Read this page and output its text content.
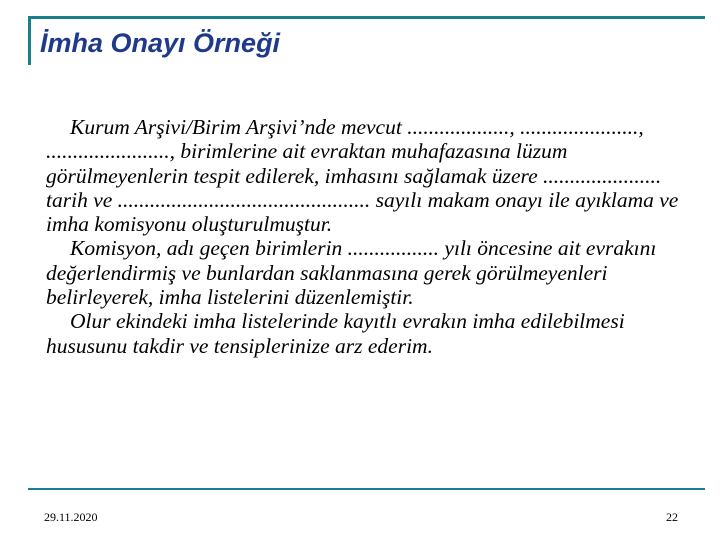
İmha Onayı Örneği

Kurum Arşivi/Birim Arşivi’nde mevcut ..................., ......................, ......................., birimlerine ait evraktan muhafazasına lüzum görülmeyenlerin tespit edilerek, imhasını sağlamak üzere ...................... tarih ve ............................................... sayılı makam onayı ile ayıklama ve imha komisyonu oluşturulmuştur.

Komisyon, adı geçen birimlerin ................. yılı öncesine ait evrakını değerlendirmiş ve bunlardan saklanmasına gerek görülmeyenleri belirleyerek, imha listelerini düzenlemiştir.

Olur ekindeki imha listelerinde kayıtlı evrakın imha edilebilmesi hususunu takdir ve tensiplerinize arz ederim.

29.11.2020	22
